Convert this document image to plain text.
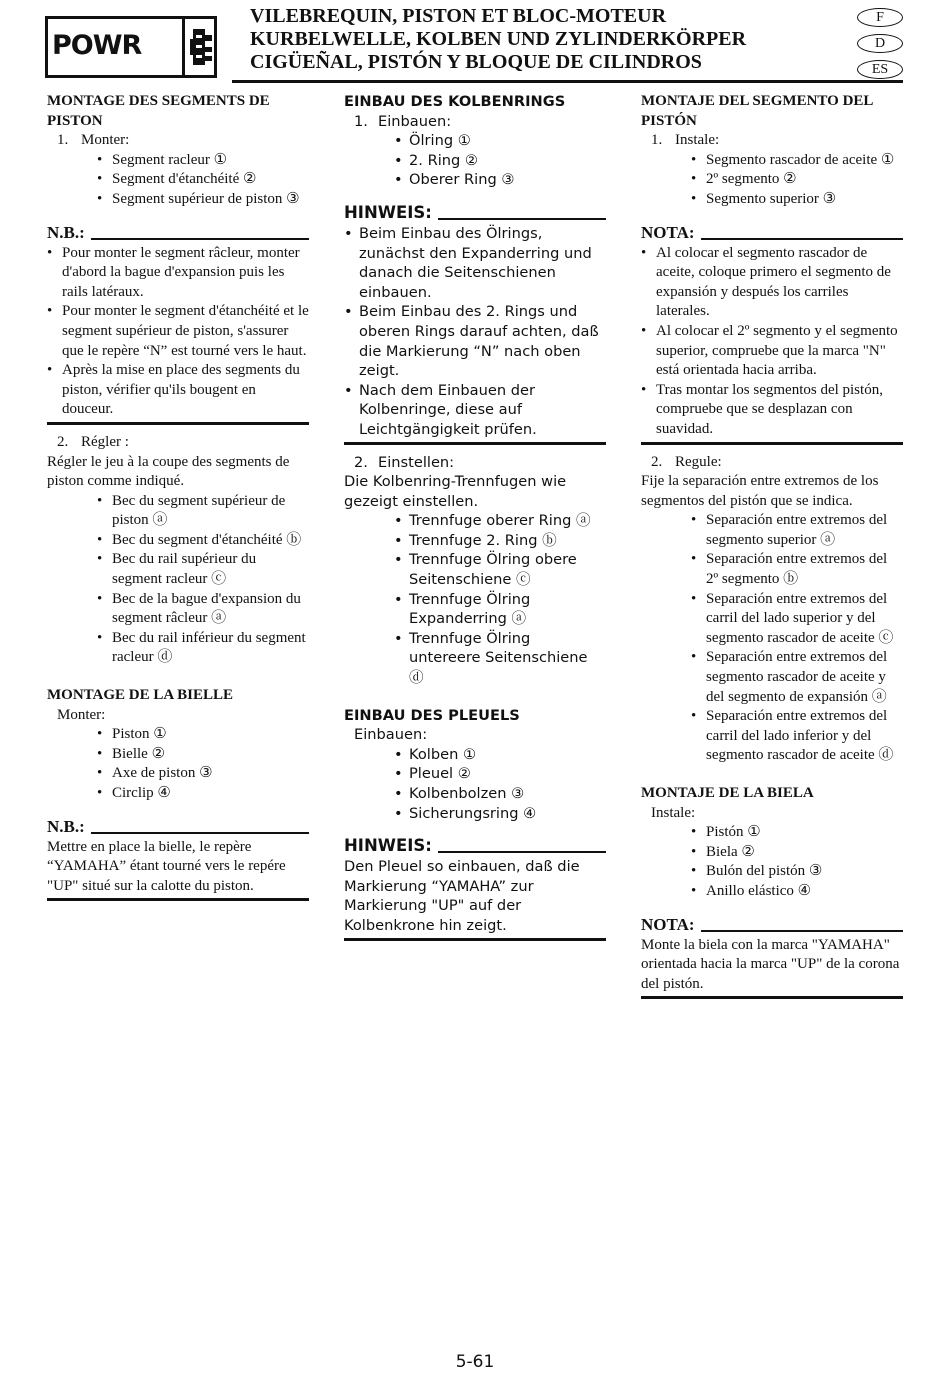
POWR
VILEBREQUIN, PISTON ET BLOC-MOTEUR
KURBELWELLE, KOLBEN UND ZYLINDERKÖRPER
CIGÜEÑAL, PISTÓN Y BLOQUE DE CILINDROS
F
D
ES

MONTAGE DES SEGMENTS DE PISTON

1. Monter:

• Segment racleur ①
• Segment d'étanchéité ②
• Segment supérieur de piston ③
N.B.:
• Pour monter le segment râcleur, monter d'abord la bague d'expansion puis les rails latéraux.
• Pour monter le segment d'étanchéité et le segment supérieur de piston, s'assurer que le repère “N” est tourné vers le haut.
• Après la mise en place des segments du piston, vérifier qu'ils bougent en douceur.

2. Régler :

Régler le jeu à la coupe des segments de piston comme indiqué.

• Bec du segment supérieur de piston ⓐ
• Bec du segment d'étanchéité ⓑ
• Bec du rail supérieur du segment racleur ⓒ
• Bec de la bague d'expansion du segment râcleur ⓐ
• Bec du rail inférieur du segment racleur ⓓ

MONTAGE DE LA BIELLE

Monter:

• Piston ①
• Bielle ②
• Axe de piston ③
• Circlip ④
N.B.:

Mettre en place la bielle, le repère “YAMAHA” étant tourné vers le repére "UP" situé sur la calotte du piston.

EINBAU DES KOLBENRINGS

1. Einbauen:

• Ölring ①
• 2. Ring ②
• Oberer Ring ③
HINWEIS:
• Beim Einbau des Ölrings, zunächst den Expanderring und danach die Seitenschienen einbauen.
• Beim Einbau des 2. Rings und oberen Rings darauf achten, daß die Markierung “N” nach oben zeigt.
• Nach dem Einbauen der Kolbenringe, diese auf Leichtgängigkeit prüfen.

2. Einstellen:

Die Kolbenring-Trennfugen wie gezeigt einstellen.

• Trennfuge oberer Ring ⓐ
• Trennfuge 2. Ring ⓑ
• Trennfuge Ölring obere Seitenschiene ⓒ
• Trennfuge Ölring Expanderring ⓐ
• Trennfuge Ölring untereere Seitenschiene ⓓ

EINBAU DES PLEUELS

Einbauen:

• Kolben ①
• Pleuel ②
• Kolbenbolzen ③
• Sicherungsring ④
HINWEIS:

Den Pleuel so einbauen, daß die Markierung “YAMAHA” zur Markierung "UP" auf der Kolbenkrone hin zeigt.

MONTAJE DEL SEGMENTO DEL PISTÓN

1. Instale:

• Segmento rascador de aceite ①
• 2º segmento ②
• Segmento superior ③
NOTA:
• Al colocar el segmento rascador de aceite, coloque primero el segmento de expansión y después los carriles laterales.
• Al colocar el 2º segmento y el segmento superior, compruebe que la marca "N" está orientada hacia arriba.
• Tras montar los segmentos del pistón, compruebe que se desplazan con suavidad.

2. Regule:

Fije la separación entre extremos de los segmentos del pistón que se indica.

• Separación entre extremos del segmento superior ⓐ
• Separación entre extremos del 2º segmento ⓑ
• Separación entre extremos del carril del lado superior y del segmento rascador de aceite ⓒ
• Separación entre extremos del segmento rascador de aceite y del segmento de expansión ⓐ
• Separación entre extremos del carril del lado inferior y del segmento rascador de aceite ⓓ

MONTAJE DE LA BIELA

Instale:

• Pistón ①
• Biela ②
• Bulón del pistón ③
• Anillo elástico ④
NOTA:

Monte la biela con la marca "YAMAHA" orientada hacia la marca "UP" de la corona del pistón.

5-61
